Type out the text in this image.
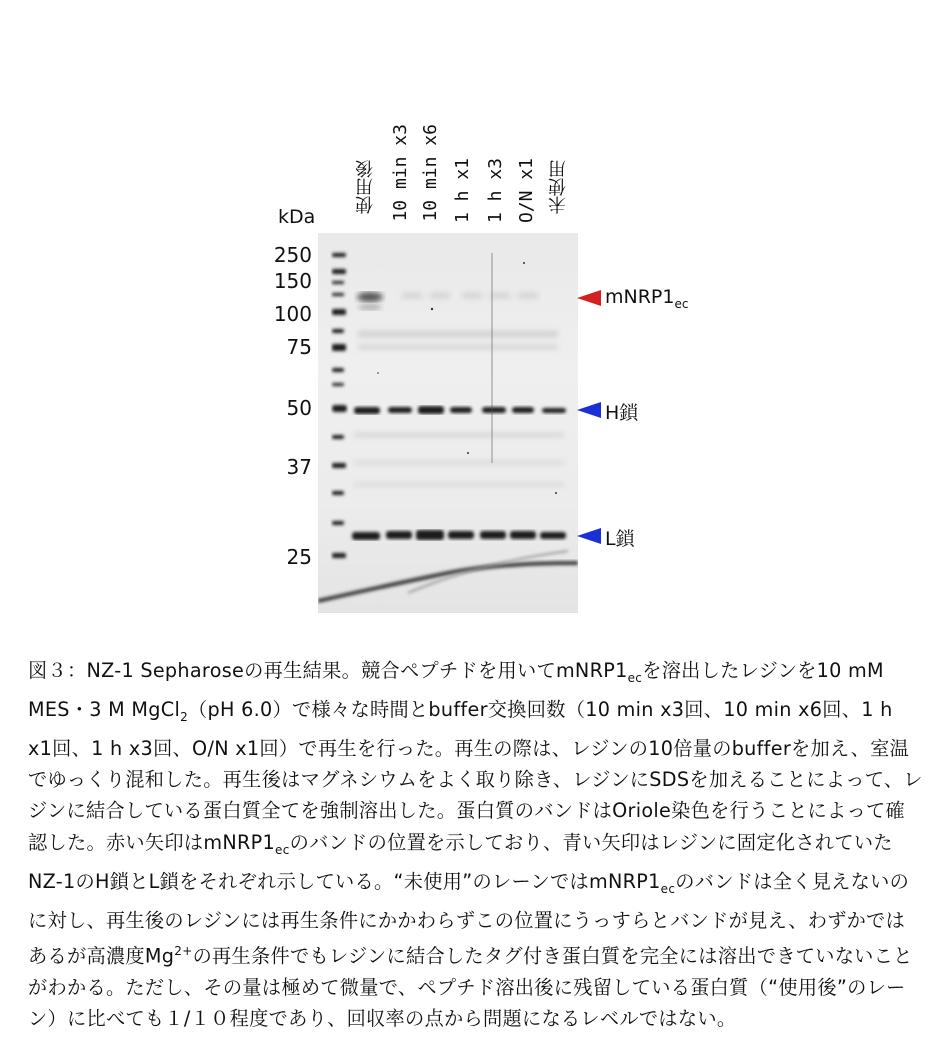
kDa
使用後 10 min x3 10 min x6 1 h x1 1 h x3 O/N x1 未使用
250
150
100
75
50
37
25
$mNRP1_{ec}$
H鎖
L鎖
図３：NZ-1 Sepharoseの再生結果。競合ペプチドを用いて$mNRP1_{ec}$を溶出したレジンを10 mM MES・3 M MgCl$_2$（pH 6.0）で様々な時間とbuffer交換回数（10 min x3回、10 min x6回、1 h x1回、1 h x3回、O/N x1回）で再生を行った。再生の際は、レジンの10倍量のbufferを加え、室温でゆっくり混和した。再生後はマグネシウムをよく取り除き、レジンにSDSを加えることによって、レジンに結合している蛋白質全てを強制溶出した。蛋白質のバンドはOriole染色を行うことによって確認した。赤い矢印は$mNRP1_{ec}$のバンドの位置を示しており、青い矢印はレジンに固定化されていたNZ-1のH鎖とL鎖をそれぞれ示している。“未使用”のレーンでは$mNRP1_{ec}$のバンドは全く見えないのに対し、再生後のレジンには再生条件にかかわらずこの位置にうっすらとバンドが見え、わずかではあるが高濃度$Mg^{2+}$の再生条件でもレジンに結合したタグ付き蛋白質を完全には溶出できていないことがわかる。ただし、その量は極めて微量で、ペプチド溶出後に残留している蛋白質（“使用後”のレーン）に比べても１/１０程度であり、回収率の点から問題になるレベルではない。
